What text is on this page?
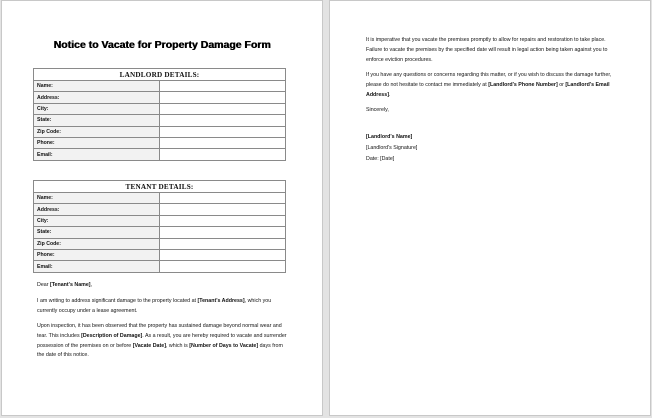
Notice to Vacate for Property Damage Form
LANDLORD DETAILS:	
Name:	
Address:	
City:	
State:	
Zip Code:	
Phone:	
Email:	
TENANT DETAILS:	
Name:	
Address:	
City:	
State:	
Zip Code:	
Phone:	
Email:	

Dear [Tenant's Name],

I am writing to address significant damage to the property located at [Tenant's Address], which you currently occupy under a lease agreement.

Upon inspection, it has been observed that the property has sustained damage beyond normal wear and tear. This includes [Description of Damage]. As a result, you are hereby required to vacate and surrender possession of the premises on or before [Vacate Date], which is [Number of Days to Vacate] days from the date of this notice.

It is imperative that you vacate the premises promptly to allow for repairs and restoration to take place. Failure to vacate the premises by the specified date will result in legal action being taken against you to enforce eviction procedures.

If you have any questions or concerns regarding this matter, or if you wish to discuss the damage further, please do not hesitate to contact me immediately at [Landlord's Phone Number] or [Landlord's Email Address].

Sincerely,

[Landlord's Name]

[Landlord's Signature]

Date: [Date]
